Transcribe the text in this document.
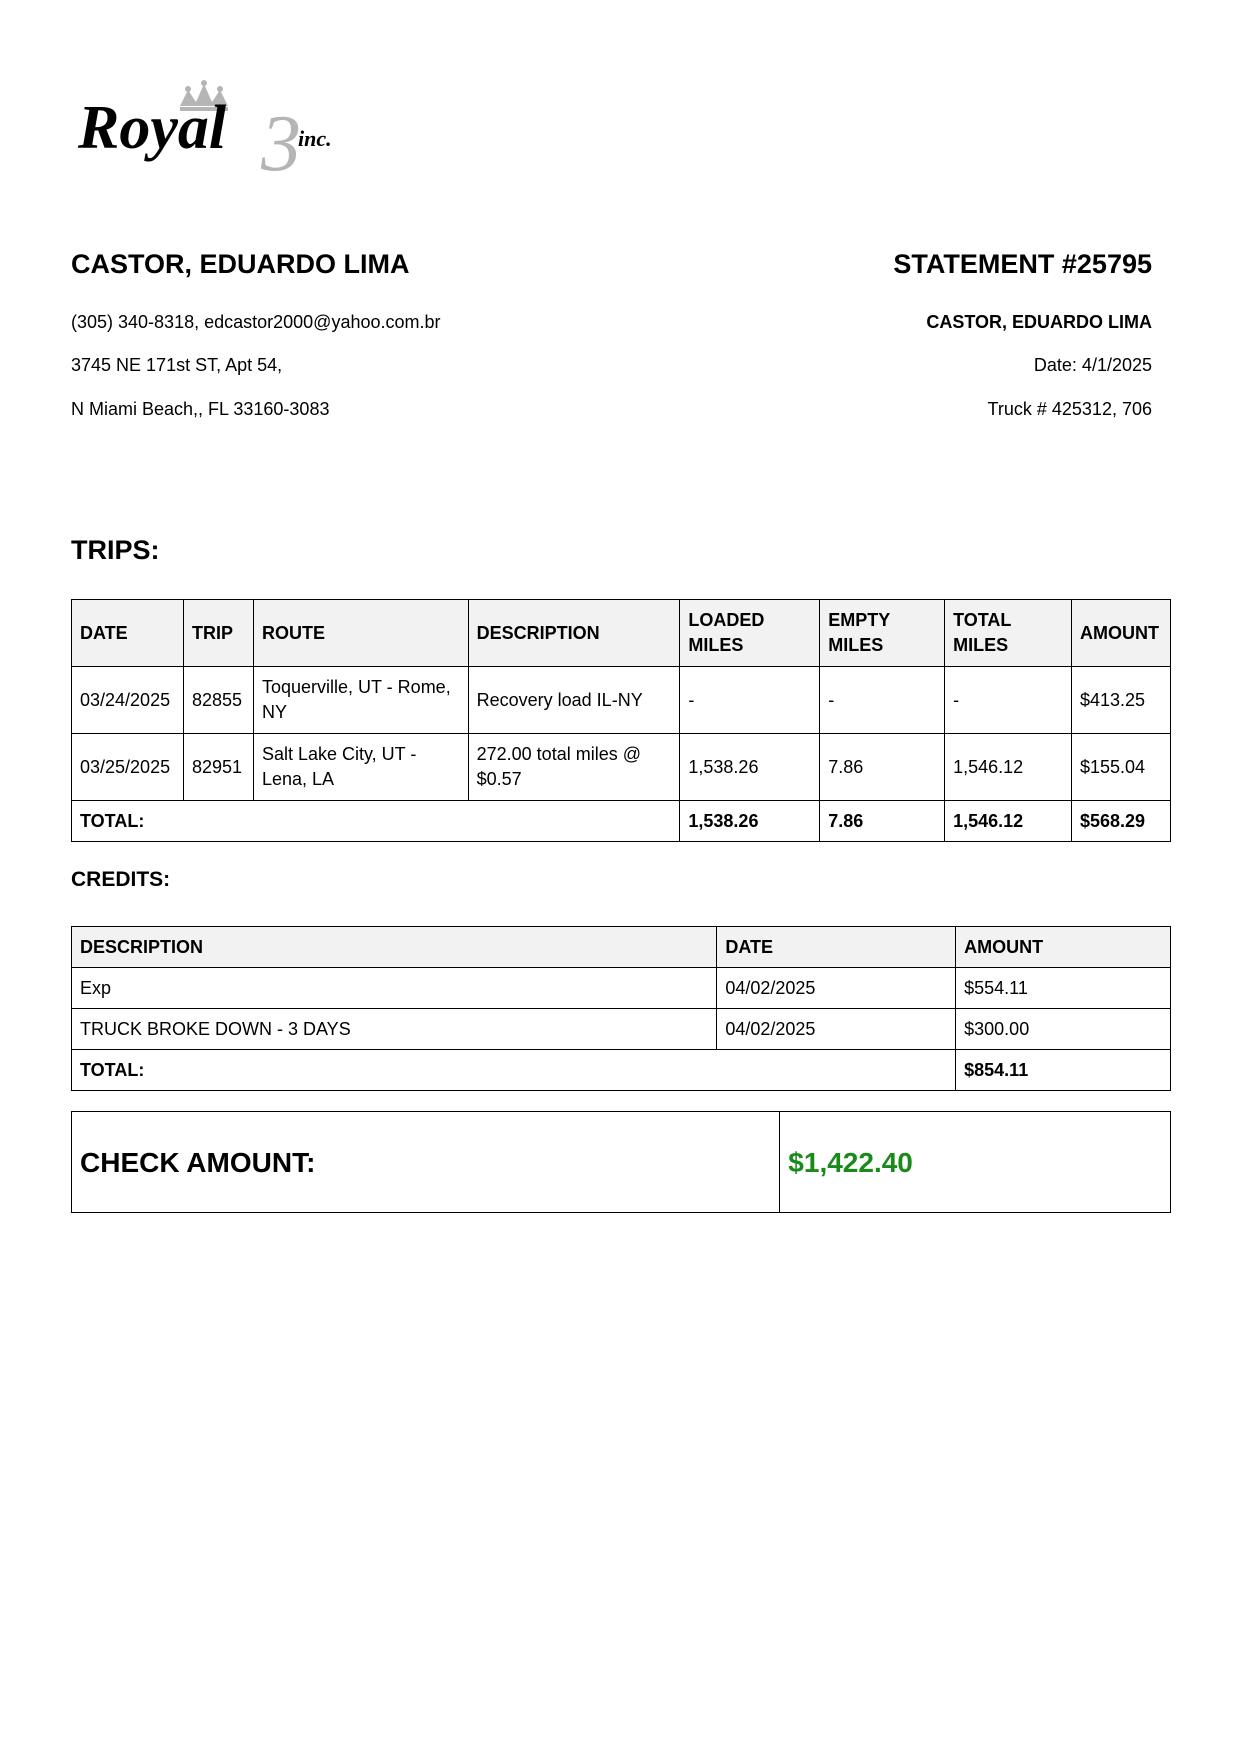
3
Royal	inc.
CASTOR, EDUARDO LIMA
(305) 340-8318, edcastor2000@yahoo.com.br
3745 NE 171st ST, Apt 54,
N Miami Beach,, FL 33160-3083
STATEMENT #25795
CASTOR, EDUARDO LIMA
Date: 4/1/2025
Truck # 425312, 706
TRIPS:
DATE	TRIP	ROUTE	DESCRIPTION	LOADED MILES	EMPTY MILES	TOTAL MILES	AMOUNT
03/24/2025	82855	Toquerville, UT - Rome, NY	Recovery load IL-NY	-	-	-	$413.25
03/25/2025	82951	Salt Lake City, UT - Lena, LA	272.00 total miles @ $0.57	1,538.26	7.86	1,546.12	$155.04
TOTAL:				1,538.26	7.86	1,546.12	$568.29
CREDITS:
DESCRIPTION	DATE	AMOUNT
Exp	04/02/2025	$554.11
TRUCK BROKE DOWN - 3 DAYS	04/02/2025	$300.00
TOTAL:		$854.11
CHECK AMOUNT:	$1,422.40
